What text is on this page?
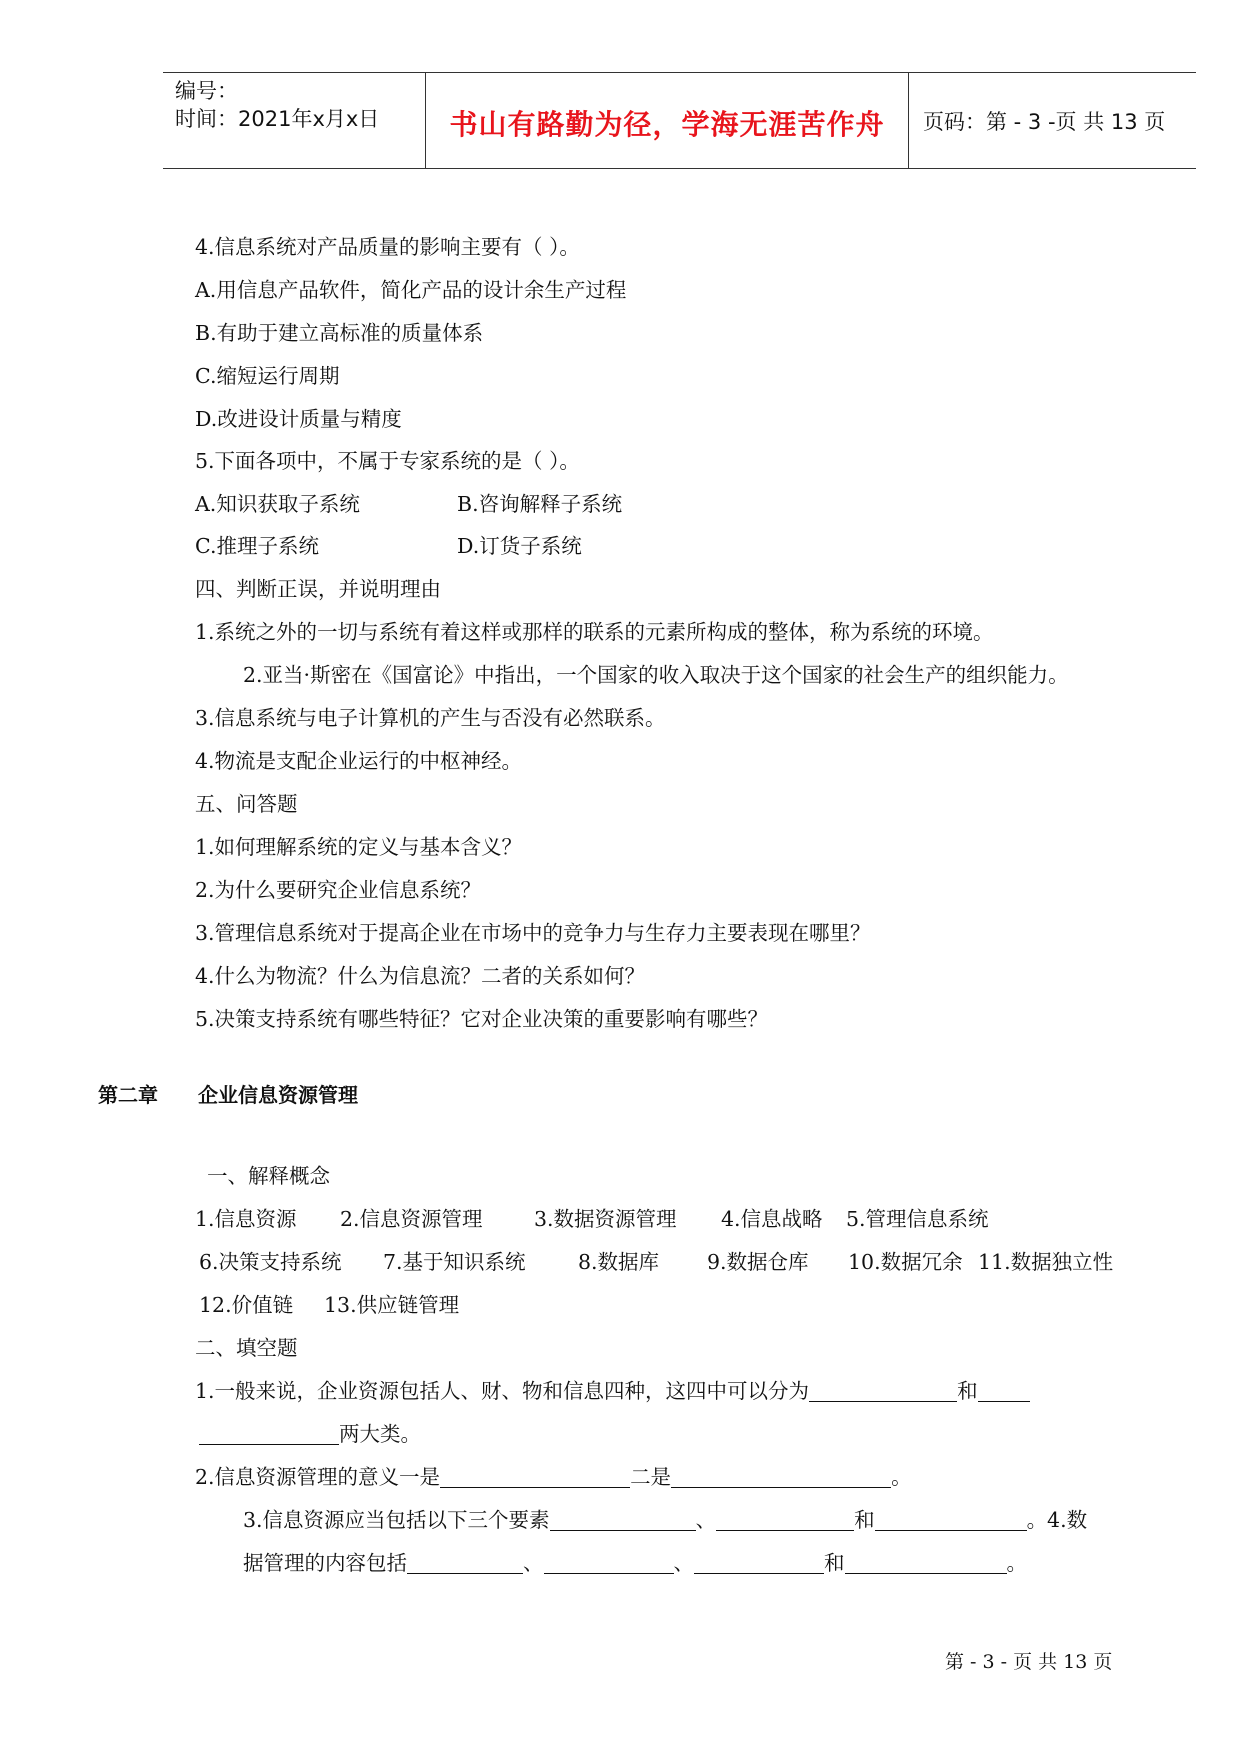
编号：
时间：2021年x月x日	书山有路勤为径，学海无涯苦作舟	页码：第 - 3 -页 共 13 页
4.信息系统对产品质量的影响主要有（ ）。
A.用信息产品软件，简化产品的设计余生产过程
B.有助于建立高标准的质量体系
C.缩短运行周期
D.改进设计质量与精度
5.下面各项中，不属于专家系统的是（ ）。
A.知识获取子系统	B.咨询解释子系统
C.推理子系统	D.订货子系统
四、判断正误，并说明理由
1.系统之外的一切与系统有着这样或那样的联系的元素所构成的整体，称为系统的环境。
2.亚当·斯密在《国富论》中指出，一个国家的收入取决于这个国家的社会生产的组织能力。
3.信息系统与电子计算机的产生与否没有必然联系。
4.物流是支配企业运行的中枢神经。
五、问答题
1.如何理解系统的定义与基本含义？
2.为什么要研究企业信息系统？
3.管理信息系统对于提高企业在市场中的竞争力与生存力主要表现在哪里？
4.什么为物流？什么为信息流？二者的关系如何？
5.决策支持系统有哪些特征？它对企业决策的重要影响有哪些？
第二章 企业信息资源管理
一、解释概念
1.信息资源 2.信息资源管理	3.数据资源管理 4.信息战略 5.管理信息系统
6.决策支持系统 7.基于知识系统	8.数据库 9.数据仓库 10.数据冗余 11.数据独立性
12.价值链 13.供应链管理
二、填空题
1.一般来说，企业资源包括人、财、物和信息四种，这四中可以分为	和
两大类。
2.信息资源管理的意义一是	二是	。
3.信息资源应当包括以下三个要素	、	和	。4.数
据管理的内容包括	、	、	和	。
第 - 3 - 页 共 13 页
